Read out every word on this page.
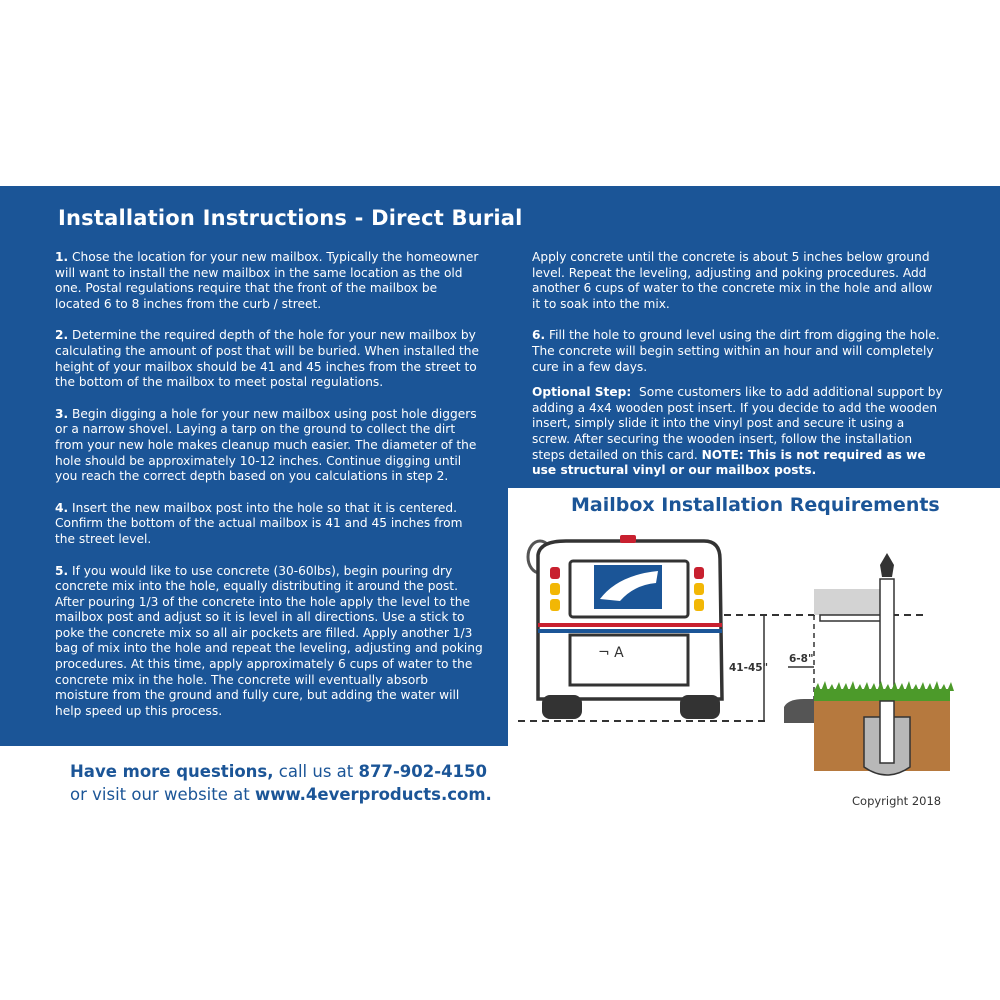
Installation Instructions - Direct Burial

1. Chose the location for your new mailbox. Typically the homeowner will want to install the new mailbox in the same location as the old one. Postal regulations require that the front of the mailbox be located 6 to 8 inches from the curb / street.

2. Determine the required depth of the hole for your new mailbox by calculating the amount of post that will be buried. When installed the height of your mailbox should be 41 and 45 inches from the street to the bottom of the mailbox to meet postal regulations.

3. Begin digging a hole for your new mailbox using post hole diggers or a narrow shovel. Laying a tarp on the ground to collect the dirt from your new hole makes cleanup much easier. The diameter of the hole should be approximately 10-12 inches. Continue digging until you reach the correct depth based on you calculations in step 2.

4. Insert the new mailbox post into the hole so that it is centered. Confirm the bottom of the actual mailbox is 41 and 45 inches from the street level.

5. If you would like to use concrete (30-60lbs), begin pouring dry concrete mix into the hole, equally distributing it around the post. After pouring 1/3 of the concrete into the hole apply the level to the mailbox post and adjust so it is level in all directions. Use a stick to poke the concrete mix so all air pockets are filled. Apply another 1/3 bag of mix into the hole and repeat the leveling, adjusting and poking procedures. At this time, apply approximately 6 cups of water to the concrete mix in the hole. The concrete will eventually absorb moisture from the ground and fully cure, but adding the water will help speed up this process.

Apply concrete until the concrete is about 5 inches below ground level. Repeat the leveling, adjusting and poking procedures. Add another 6 cups of water to the concrete mix in the hole and allow it to soak into the mix.

6. Fill the hole to ground level using the dirt from digging the hole. The concrete will begin setting within an hour and will completely cure in a few days.

Optional Step: Some customers like to add additional support by adding a 4x4 wooden post insert. If you decide to add the wooden insert, simply slide it into the vinyl post and secure it using a screw. After securing the wooden insert, follow the installation steps detailed on this card. NOTE: This is not required as we use structural vinyl or our mailbox posts.

Mailbox Installation Requirements
¬ A
41-45"
6-8"
Copyright 2018
Have more questions, call us at 877-902-4150
or visit our website at www.4everproducts.com.
